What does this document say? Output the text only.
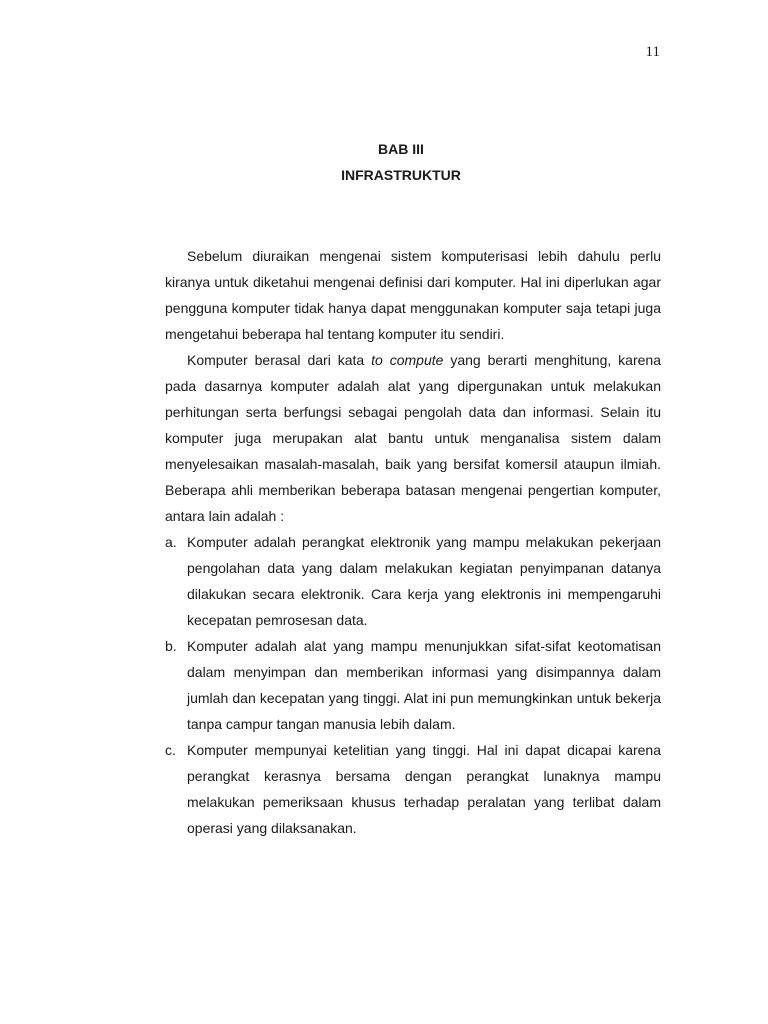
11
BAB III
INFRASTRUKTUR

Sebelum diuraikan mengenai sistem komputerisasi lebih dahulu perlu kiranya untuk diketahui mengenai definisi dari komputer. Hal ini diperlukan agar pengguna komputer tidak hanya dapat menggunakan komputer saja tetapi juga mengetahui beberapa hal tentang komputer itu sendiri.

Komputer berasal dari kata to compute yang berarti menghitung, karena pada dasarnya komputer adalah alat yang dipergunakan untuk melakukan perhitungan serta berfungsi sebagai pengolah data dan informasi. Selain itu komputer juga merupakan alat bantu untuk menganalisa sistem dalam menyelesaikan masalah-masalah, baik yang bersifat komersil ataupun ilmiah. Beberapa ahli memberikan beberapa batasan mengenai pengertian komputer, antara lain adalah :

a. Komputer adalah perangkat elektronik yang mampu melakukan pekerjaan pengolahan data yang dalam melakukan kegiatan penyimpanan datanya dilakukan secara elektronik. Cara kerja yang elektronis ini mempengaruhi kecepatan pemrosesan data.
b. Komputer adalah alat yang mampu menunjukkan sifat-sifat keotomatisan dalam menyimpan dan memberikan informasi yang disimpannya dalam jumlah dan kecepatan yang tinggi. Alat ini pun memungkinkan untuk bekerja tanpa campur tangan manusia lebih dalam.
c. Komputer mempunyai ketelitian yang tinggi. Hal ini dapat dicapai karena perangkat kerasnya bersama dengan perangkat lunaknya mampu melakukan pemeriksaan khusus terhadap peralatan yang terlibat dalam operasi yang dilaksanakan.
